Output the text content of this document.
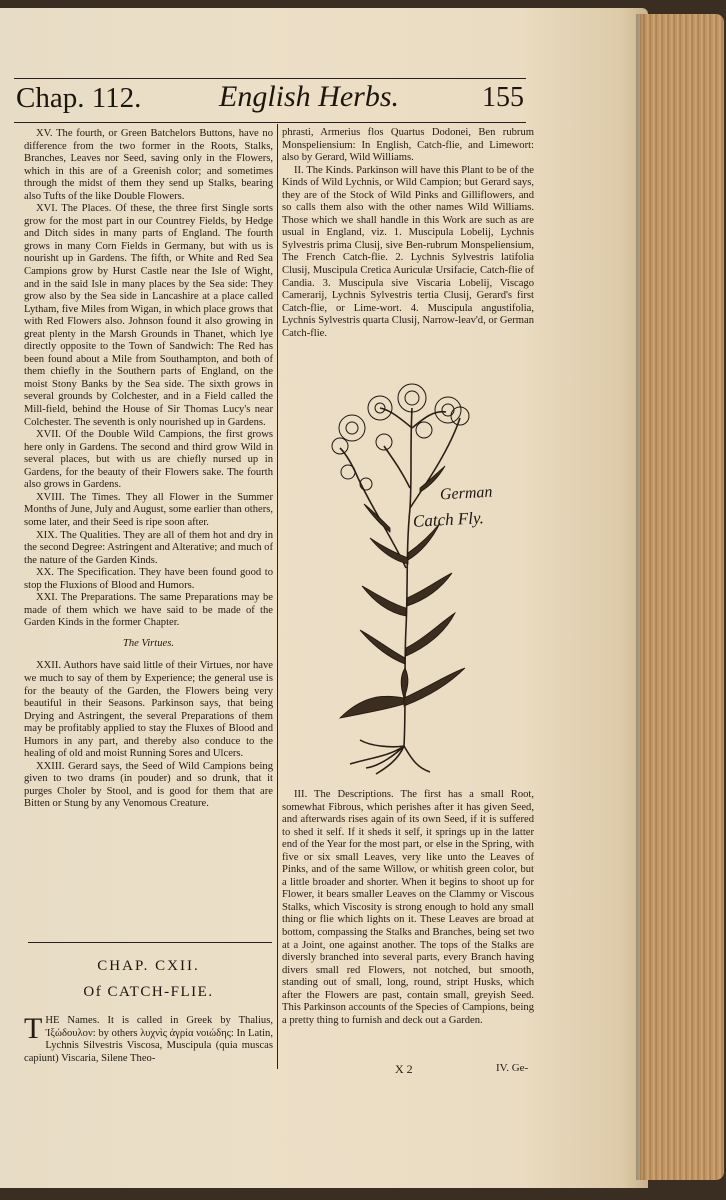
Chap. 112.	English Herbs.	155

XV. The fourth, or Green Batchelors Buttons, have no difference from the two former in the Roots, Stalks, Branches, Leaves nor Seed, saving only in the Flowers, which in this are of a Greenish color; and sometimes through the midst of them they send up Stalks, bearing also Tufts of the like Double Flowers.

XVI. The Places. Of these, the three first Single sorts grow for the most part in our Countrey Fields, by Hedge and Ditch sides in many parts of England. The fourth grows in many Corn Fields in Germany, but with us is nourisht up in Gardens. The fifth, or White and Red Sea Campions grow by Hurst Castle near the Isle of Wight, and in the said Isle in many places by the Sea side: They grow also by the Sea side in Lancashire at a place called Lytham, five Miles from Wigan, in which place grows that with Red Flowers also. Johnson found it also growing in great plenty in the Marsh Grounds in Thanet, which lye directly opposite to the Town of Sandwich: The Red has been found about a Mile from Southampton, and both of them chiefly in the Southern parts of England, on the moist Stony Banks by the Sea side. The sixth grows in several grounds by Colchester, and in a Field called the Mill-field, behind the House of Sir Thomas Lucy's near Colchester. The seventh is only nourished up in Gardens.

XVII. Of the Double Wild Campions, the first grows here only in Gardens. The second and third grow Wild in several places, but with us are chiefly nursed up in Gardens, for the beauty of their Flowers sake. The fourth also grows in Gardens.

XVIII. The Times. They all Flower in the Summer Months of June, July and August, some earlier than others, some later, and their Seed is ripe soon after.

XIX. The Qualities. They are all of them hot and dry in the second Degree: Astringent and Alterative; and much of the nature of the Garden Kinds.

XX. The Specification. They have been found good to stop the Fluxions of Blood and Humors.

XXI. The Preparations. The same Preparations may be made of them which we have said to be made of the Garden Kinds in the former Chapter.

The Virtues.

XXII. Authors have said little of their Virtues, nor have we much to say of them by Experience; the general use is for the beauty of the Garden, the Flowers being very beautiful in their Seasons. Parkinson says, that being Drying and Astringent, the several Preparations of them may be profitably applied to stay the Fluxes of Blood and Humors in any part, and thereby also conduce to the healing of old and moist Running Sores and Ulcers.

XXIII. Gerard says, the Seed of Wild Campions being given to two drams (in pouder) and so drunk, that it purges Choler by Stool, and is good for them that are Bitten or Stung by any Venomous Creature.

CHAP. CXII.
Of CATCH-FLIE.
THE Names. It is called in Greek by Thalius, Ἰξώδουλον: by others λυχνὶς ἀγρία νοιώδης: In Latin, Lychnis Silvestris Viscosa, Muscipula (quia muscas capiunt) Viscaria, Silene Theo-

phrasti, Armerius flos Quartus Dodonei, Ben rubrum Monspeliensium: In English, Catch-flie, and Limewort: also by Gerard, Wild Williams.

II. The Kinds. Parkinson will have this Plant to be of the Kinds of Wild Lychnis, or Wild Campion; but Gerard says, they are of the Stock of Wild Pinks and Gilliflowers, and so calls them also with the other names Wild Williams. Those which we shall handle in this Work are such as are usual in England, viz. 1. Muscipula Lobelij, Lychnis Sylvestris prima Clusij, sive Ben-rubrum Monspeliensium, The French Catch-flie. 2. Lychnis Sylvestris latifolia Clusij, Muscipula Cretica Auriculæ Ursifacie, Catch-flie of Candia. 3. Muscipula sive Viscaria Lobelij, Viscago Camerarij, Lychnis Sylvestris tertia Clusij, Gerard's first Catch-flie, or Lime-wort. 4. Muscipula angustifolia, Lychnis Sylvestris quarta Clusij, Narrow-leav'd, or German Catch-flie.

German
Catch Fly.

III. The Descriptions. The first has a small Root, somewhat Fibrous, which perishes after it has given Seed, and afterwards rises again of its own Seed, if it is suffered to shed it self. If it sheds it self, it springs up in the latter end of the Year for the most part, or else in the Spring, with five or six small Leaves, very like unto the Leaves of Pinks, and of the same Willow, or whitish green color, but a little broader and shorter. When it begins to shoot up for Flower, it bears smaller Leaves on the Clammy or Viscous Stalks, which Viscosity is strong enough to hold any small thing or flie which lights on it. These Leaves are broad at bottom, compassing the Stalks and Branches, being set two at a Joint, one against another. The tops of the Stalks are diversly branched into several parts, every Branch having divers small red Flowers, not notched, but smooth, standing out of small, long, round, stript Husks, which after the Flowers are past, contain small, greyish Seed. This Parkinson accounts of the Species of Campions, being a pretty thing to furnish and deck out a Garden.

X 2	IV. Ge-
